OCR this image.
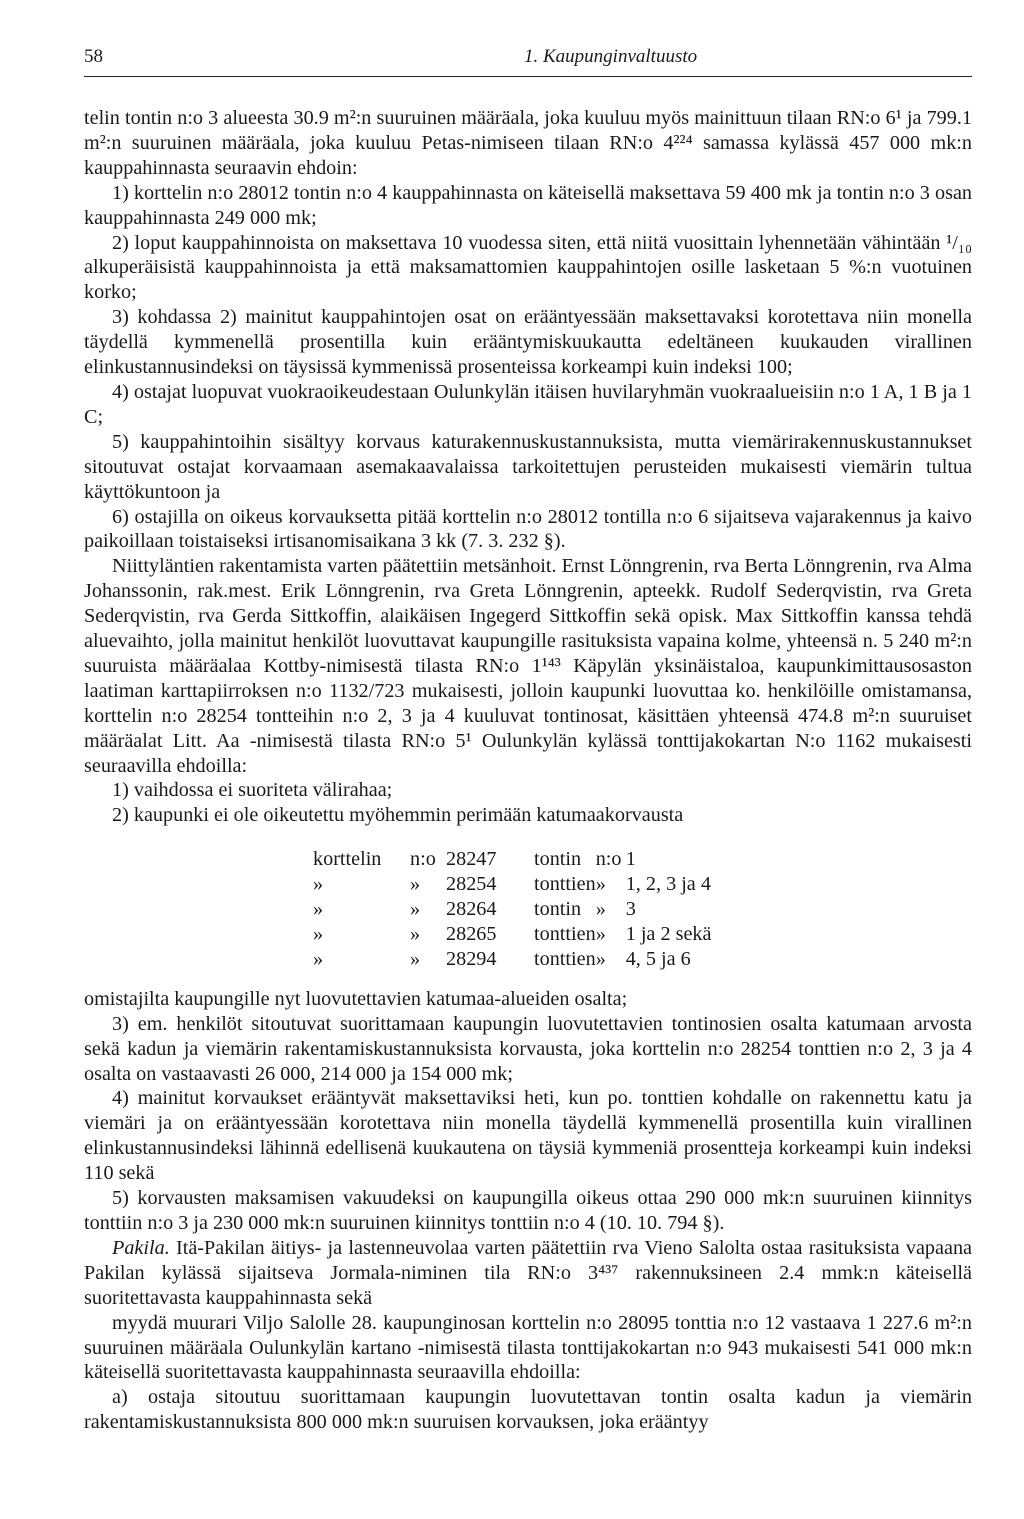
58	1. Kaupunginvaltuusto

telin tontin n:o 3 alueesta 30.9 m²:n suuruinen määräala, joka kuuluu myös mainittuun tilaan RN:o 6¹ ja 799.1 m²:n suuruinen määräala, joka kuuluu Petas-nimiseen tilaan RN:o 4²²⁴ samassa kylässä 457 000 mk:n kauppahinnasta seuraavin ehdoin:

1) korttelin n:o 28012 tontin n:o 4 kauppahinnasta on käteisellä maksettava 59 400 mk ja tontin n:o 3 osan kauppahinnasta 249 000 mk;

2) loput kauppahinnoista on maksettava 10 vuodessa siten, että niitä vuosittain lyhennetään vähintään ¹/₁₀ alkuperäisistä kauppahinnoista ja että maksamattomien kauppahintojen osille lasketaan 5 %:n vuotuinen korko;

3) kohdassa 2) mainitut kauppahintojen osat on erääntyessään maksettavaksi korotettava niin monella täydellä kymmenellä prosentilla kuin erääntymiskuukautta edeltäneen kuukauden virallinen elinkustannusindeksi on täysissä kymmenissä prosenteissa korkeampi kuin indeksi 100;

4) ostajat luopuvat vuokraoikeudestaan Oulunkylän itäisen huvilaryhmän vuokraalueisiin n:o 1 A, 1 B ja 1 C;

5) kauppahintoihin sisältyy korvaus katurakennuskustannuksista, mutta viemärirakennuskustannukset sitoutuvat ostajat korvaamaan asemakaavalaissa tarkoitettujen perusteiden mukaisesti viemärin tultua käyttökuntoon ja

6) ostajilla on oikeus korvauksetta pitää korttelin n:o 28012 tontilla n:o 6 sijaitseva vajarakennus ja kaivo paikoillaan toistaiseksi irtisanomisaikana 3 kk (7. 3. 232 §).

Niittyläntien rakentamista varten päätettiin metsänhoit. Ernst Lönngrenin, rva Berta Lönngrenin, rva Alma Johanssonin, rak.mest. Erik Lönngrenin, rva Greta Lönngrenin, apteekk. Rudolf Sederqvistin, rva Greta Sederqvistin, rva Gerda Sittkoffin, alaikäisen Ingegerd Sittkoffin sekä opisk. Max Sittkoffin kanssa tehdä aluevaihto, jolla mainitut henkilöt luovuttavat kaupungille rasituksista vapaina kolme, yhteensä n. 5 240 m²:n suuruista määräalaa Kottby-nimisestä tilasta RN:o 1¹⁴³ Käpylän yksinäistaloa, kaupunkimittausosaston laatiman karttapiirroksen n:o 1132/723 mukaisesti, jolloin kaupunki luovuttaa ko. henkilöille omistamansa, korttelin n:o 28254 tontteihin n:o 2, 3 ja 4 kuuluvat tontinosat, käsittäen yhteensä 474.8 m²:n suuruiset määräalat Litt. Aa -nimisestä tilasta RN:o 5¹ Oulunkylän kylässä tonttijakokartan N:o 1162 mukaisesti seuraavilla ehdoilla:

1) vaihdossa ei suoriteta välirahaa;

2) kaupunki ei ole oikeutettu myöhemmin perimään katumaakorvausta

korttelin	n:o	28247	tontin	n:o	1
»	»	28254	tonttien	»	1, 2, 3 ja 4
»	»	28264	tontin	»	3
»	»	28265	tonttien	»	1 ja 2 sekä
»	»	28294	tonttien	»	4, 5 ja 6

omistajilta kaupungille nyt luovutettavien katumaa-alueiden osalta;

3) em. henkilöt sitoutuvat suorittamaan kaupungin luovutettavien tontinosien osalta katumaan arvosta sekä kadun ja viemärin rakentamiskustannuksista korvausta, joka korttelin n:o 28254 tonttien n:o 2, 3 ja 4 osalta on vastaavasti 26 000, 214 000 ja 154 000 mk;

4) mainitut korvaukset erääntyvät maksettaviksi heti, kun po. tonttien kohdalle on rakennettu katu ja viemäri ja on erääntyessään korotettava niin monella täydellä kymmenellä prosentilla kuin virallinen elinkustannusindeksi lähinnä edellisenä kuukautena on täysiä kymmeniä prosentteja korkeampi kuin indeksi 110 sekä

5) korvausten maksamisen vakuudeksi on kaupungilla oikeus ottaa 290 000 mk:n suuruinen kiinnitys tonttiin n:o 3 ja 230 000 mk:n suuruinen kiinnitys tonttiin n:o 4 (10. 10. 794 §).

Pakila. Itä-Pakilan äitiys- ja lastenneuvolaa varten päätettiin rva Vieno Salolta ostaa rasituksista vapaana Pakilan kylässä sijaitseva Jormala-niminen tila RN:o 3⁴³⁷ rakennuksineen 2.4 mmk:n käteisellä suoritettavasta kauppahinnasta sekä

myydä muurari Viljo Salolle 28. kaupunginosan korttelin n:o 28095 tonttia n:o 12 vastaava 1 227.6 m²:n suuruinen määräala Oulunkylän kartano -nimisestä tilasta tonttijakokartan n:o 943 mukaisesti 541 000 mk:n käteisellä suoritettavasta kauppahinnasta seuraavilla ehdoilla:

a) ostaja sitoutuu suorittamaan kaupungin luovutettavan tontin osalta kadun ja viemärin rakentamiskustannuksista 800 000 mk:n suuruisen korvauksen, joka erääntyy
